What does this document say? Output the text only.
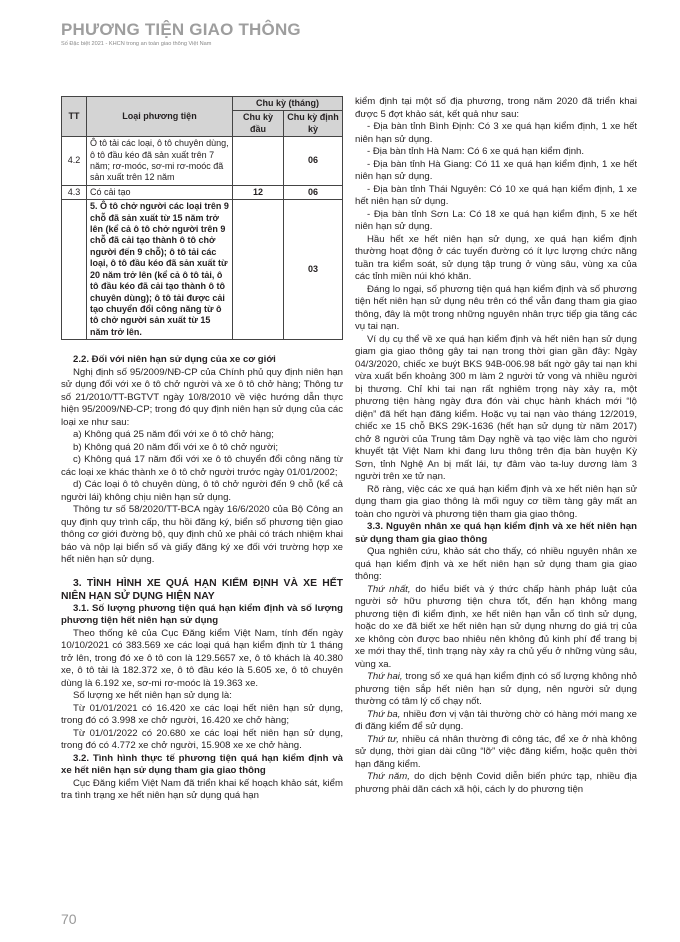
PHƯƠNG TIỆN GIAO THÔNG
Số Đặc biệt 2021 - KHCN trong an toàn giao thông Việt Nam
TT	Loại phương tiện	Chu kỳ (tháng)	
		Chu kỳ đầu	Chu kỳ định kỳ
4.2	Ô tô tải các loại, ô tô chuyên dùng, ô tô đầu kéo đã sản xuất trên 7 năm; rơ-moóc, sơ-mi rơ-moóc đã sản xuất trên 12 năm		06
4.3	Có cải tạo	12	06
	5. Ô tô chở người các loại trên 9 chỗ đã sản xuất từ 15 năm trở lên (kể cả ô tô chở người trên 9 chỗ đã cải tạo thành ô tô chở người đến 9 chỗ); ô tô tải các loại, ô tô đầu kéo đã sản xuất từ 20 năm trở lên (kể cả ô tô tải, ô tô đầu kéo đã cải tạo thành ô tô chuyên dùng); ô tô tải được cải tạo chuyển đổi công năng từ ô tô chở người sản xuất từ 15 năm trở lên.		03
2.2. Đối với niên hạn sử dụng của xe cơ giới

Nghị định số 95/2009/NĐ-CP của Chính phủ quy định niên hạn sử dụng đối với xe ô tô chở người và xe ô tô chở hàng; Thông tư số 21/2010/TT-BGTVT ngày 10/8/2010 về việc hướng dẫn thực hiện 95/2009/NĐ-CP; trong đó quy định niên hạn sử dụng của các loại xe như sau:

a) Không quá 25 năm đối với xe ô tô chở hàng;

b) Không quá 20 năm đối với xe ô tô chở người;

c) Không quá 17 năm đối với xe ô tô chuyển đổi công năng từ các loại xe khác thành xe ô tô chở người trước ngày 01/01/2002;

d) Các loại ô tô chuyên dùng, ô tô chở người đến 9 chỗ (kể cả người lái) không chịu niên hạn sử dụng.

Thông tư số 58/2020/TT-BCA ngày 16/6/2020 của Bộ Công an quy định quy trình cấp, thu hồi đăng ký, biển số phương tiện giao thông cơ giới đường bộ, quy định chủ xe phải có trách nhiệm khai báo và nộp lại biển số và giấy đăng ký xe đối với trường hợp xe hết niên hạn sử dụng.

3. TÌNH HÌNH XE QUÁ HẠN KIỂM ĐỊNH VÀ XE HẾT NIÊN HẠN SỬ DỤNG HIỆN NAY
3.1. Số lượng phương tiện quá hạn kiểm định và số lượng phương tiện hết niên hạn sử dụng

Theo thống kê của Cục Đăng kiểm Việt Nam, tính đến ngày 10/10/2021 có 383.569 xe các loại quá hạn kiểm định từ 1 tháng trở lên, trong đó xe ô tô con là 129.5657 xe, ô tô khách là 40.380 xe, ô tô tải là 182.372 xe, ô tô đầu kéo là 5.605 xe, ô tô chuyên dùng là 6.192 xe, sơ-mi rơ-moóc là 19.363 xe.

Số lượng xe hết niên hạn sử dụng là:

Từ 01/01/2021 có 16.420 xe các loại hết niên hạn sử dụng, trong đó có 3.998 xe chở người, 16.420 xe chở hàng;

Từ 01/01/2022 có 20.680 xe các loại hết niên hạn sử dụng, trong đó có 4.772 xe chở người, 15.908 xe xe chở hàng.

3.2. Tình hình thực tế phương tiện quá hạn kiểm định và xe hết niên hạn sử dụng tham gia giao thông

Cục Đăng kiểm Việt Nam đã triển khai kế hoạch khảo sát, kiểm tra tình trạng xe hết niên hạn sử dụng quá hạn

kiểm định tại một số địa phương, trong năm 2020 đã triển khai được 5 đợt khảo sát, kết quả như sau:

- Địa bàn tỉnh Bình Định: Có 3 xe quá hạn kiểm định, 1 xe hết niên hạn sử dụng.

- Địa bàn tỉnh Hà Nam: Có 6 xe quá hạn kiểm định.

- Địa bàn tỉnh Hà Giang: Có 11 xe quá hạn kiểm định, 1 xe hết niên hạn sử dụng.

- Địa bàn tỉnh Thái Nguyên: Có 10 xe quá hạn kiểm định, 1 xe hết niên hạn sử dụng.

- Địa bàn tỉnh Sơn La: Có 18 xe quá hạn kiểm định, 5 xe hết niên hạn sử dụng.

Hầu hết xe hết niên hạn sử dụng, xe quá hạn kiểm định thường hoạt động ở các tuyến đường có ít lực lượng chức năng tuần tra kiểm soát, sử dụng tập trung ở vùng sâu, vùng xa của các tỉnh miền núi khó khăn.

Đáng lo ngại, số phương tiện quá hạn kiểm định và số phương tiện hết niên hạn sử dụng nêu trên có thể vẫn đang tham gia giao thông, đây là một trong những nguyên nhân trực tiếp gia tăng các vụ tai nạn.

Ví dụ cụ thể về xe quá hạn kiểm định và hết niên hạn sử dụng giam gia giao thông gây tai nạn trong thời gian gần đây: Ngày 04/3/2020, chiếc xe buýt BKS 94B-006.98 bất ngờ gây tai nạn khi vừa xuất bến khoảng 300 m làm 2 người tử vong và nhiều người bị thương. Chỉ khi tai nạn rất nghiêm trọng này xảy ra, một phương tiện hàng ngày đưa đón vài chục hành khách mới “lộ diện” đã hết hạn đăng kiểm. Hoặc vụ tai nạn vào tháng 12/2019, chiếc xe 15 chỗ BKS 29K-1636 (hết hạn sử dụng từ năm 2017) chở 8 người của Trung tâm Dạy nghề và tạo việc làm cho người khuyết tật Việt Nam khi đang lưu thông trên địa bàn huyện Kỳ Sơn, tỉnh Nghệ An bị mất lái, tự đâm vào ta-luy dương làm 3 người trên xe tử nạn.

Rõ ràng, việc các xe quá hạn kiểm định và xe hết niên hạn sử dụng tham gia giao thông là mối nguy cơ tiềm tàng gây mất an toàn cho người và phương tiện tham gia giao thông.

3.3. Nguyên nhân xe quá hạn kiểm định và xe hết niên hạn sử dụng tham gia giao thông

Qua nghiên cứu, khảo sát cho thấy, có nhiều nguyên nhân xe quá hạn kiểm định và xe hết niên hạn sử dụng tham gia giao thông:

Thứ nhất, do hiểu biết và ý thức chấp hành pháp luật của người sở hữu phương tiện chưa tốt, đến hạn không mang phương tiện đi kiểm định, xe hết niên hạn vẫn cố tình sử dụng, hoặc do xe đã biết xe hết niên hạn sử dụng nhưng do giá trị của xe không còn được bao nhiêu nên không đủ kinh phí để trang bị xe mới thay thế, tình trạng này xảy ra chủ yếu ở những vùng sâu, vùng xa.

Thứ hai, trong số xe quá hạn kiểm định có số lượng không nhỏ phương tiện sắp hết niên hạn sử dụng, nên người sử dụng thường có tâm lý cố chạy nốt.

Thứ ba, nhiều đơn vị vận tải thường chờ có hàng mới mang xe đi đăng kiểm để sử dụng.

Thứ tư, nhiều cá nhân thường đi công tác, để xe ở nhà không sử dụng, thời gian dài cũng “lỡ” việc đăng kiểm, hoặc quên thời hạn đăng kiểm.

Thứ năm, do dịch bệnh Covid diễn biến phức tạp, nhiều địa phương phải dãn cách xã hội, cách ly do phương tiện

70
